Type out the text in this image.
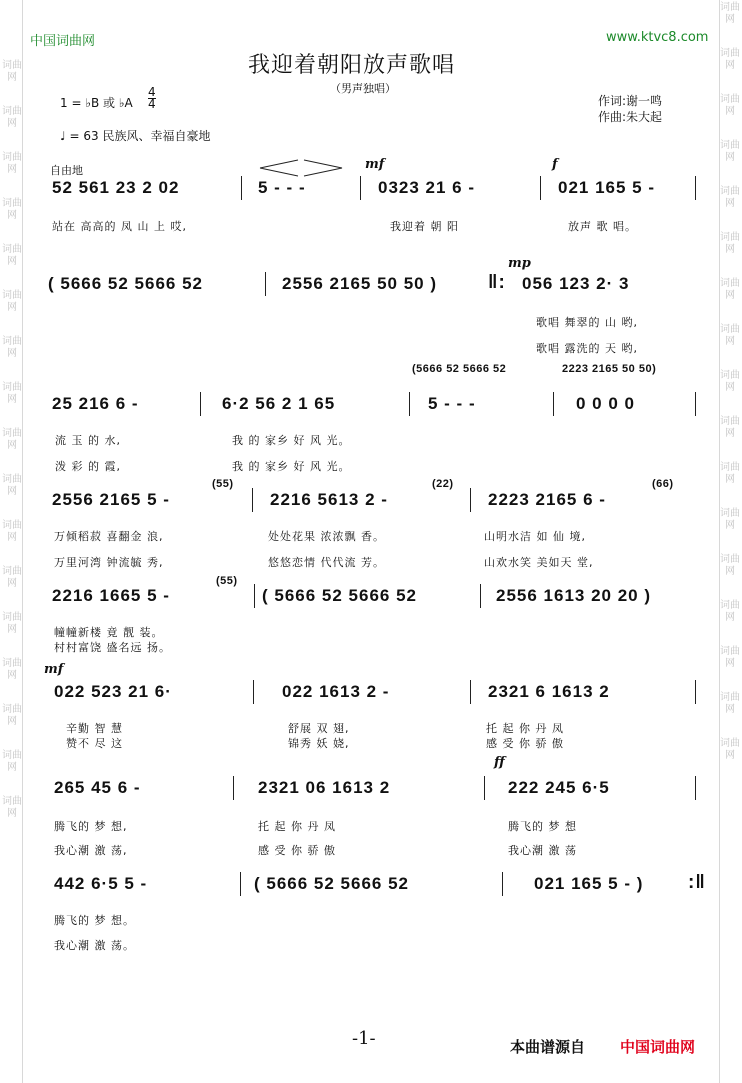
词曲网
词曲网
词曲网
词曲网
词曲网
词曲网
词曲网
词曲网
词曲网
词曲网
词曲网
词曲网
词曲网
词曲网
词曲网
词曲网
词曲网
词曲网
词曲网
词曲网
词曲网
词曲网
词曲网
词曲网
词曲网
词曲网
词曲网
词曲网
词曲网
词曲网
词曲网
词曲网
词曲网
词曲网
中国词曲网	www.ktvc8.com
我迎着朝阳放声歌唱
（男声独唱）
1 = ♭B 或 ♭A
4
4
♩ = 63 民族风、幸福自豪地
作词:谢一鸣
作曲:朱大起
自由地	mf	f
52 561 23 2 02	5 - - -	0323 21 6 -	021 165 5 -
站在 高高的 凤 山 上 哎,	我迎着 朝 阳	放声 歌 唱。
( 5666 52 5666 52	2556 2165 50 50 )	‖:
mp
056 123 2· 3
歌唱 舞翠的 山 哟,
歌唱 露洗的 天 哟,
(5666 52 5666 52	2223 2165 50 50)
25 216 6 -	6·2 56 2 1 65	5 - - -	0 0 0 0
流 玉 的 水,	我 的 家乡 好 风 光。
泼 彩 的 霞,	我 的 家乡 好 风 光。
(55)	(22)	(66)
2556 2165 5 -	2216 5613 2 -	2223 2165 6 -
万倾稻菽 喜翻金 浪,	处处花果 浓浓飘 香。	山明水洁 如 仙 境,
万里河湾 钟流毓 秀,	悠悠恋情 代代流 芳。	山欢水笑 美如天 堂,
(55)
2216 1665 5 -	( 5666 52 5666 52	2556 1613 20 20 )
幢幢新楼 竟 靓 装。
村村富饶 盛名远 扬。
mf
022 523 21 6·	022 1613 2 -	2321 6 1613 2
辛勤 智 慧	舒展 双 翅,	托 起 你 丹 凤
赞不 尽 这	锦秀 妖 娆,	感 受 你 骄 傲
ff
265 45 6 -	2321 06 1613 2	222 245 6·5
腾飞的 梦 想,	托 起 你 丹 凤	腾飞的 梦 想
我心潮 激 荡,	感 受 你 骄 傲	我心潮 激 荡
442 6·5 5 -	( 5666 52 5666 52	021 165 5 - ) :‖
腾飞的 梦 想。
我心潮 激 荡。
-1-	本曲谱源自 中国词曲网
